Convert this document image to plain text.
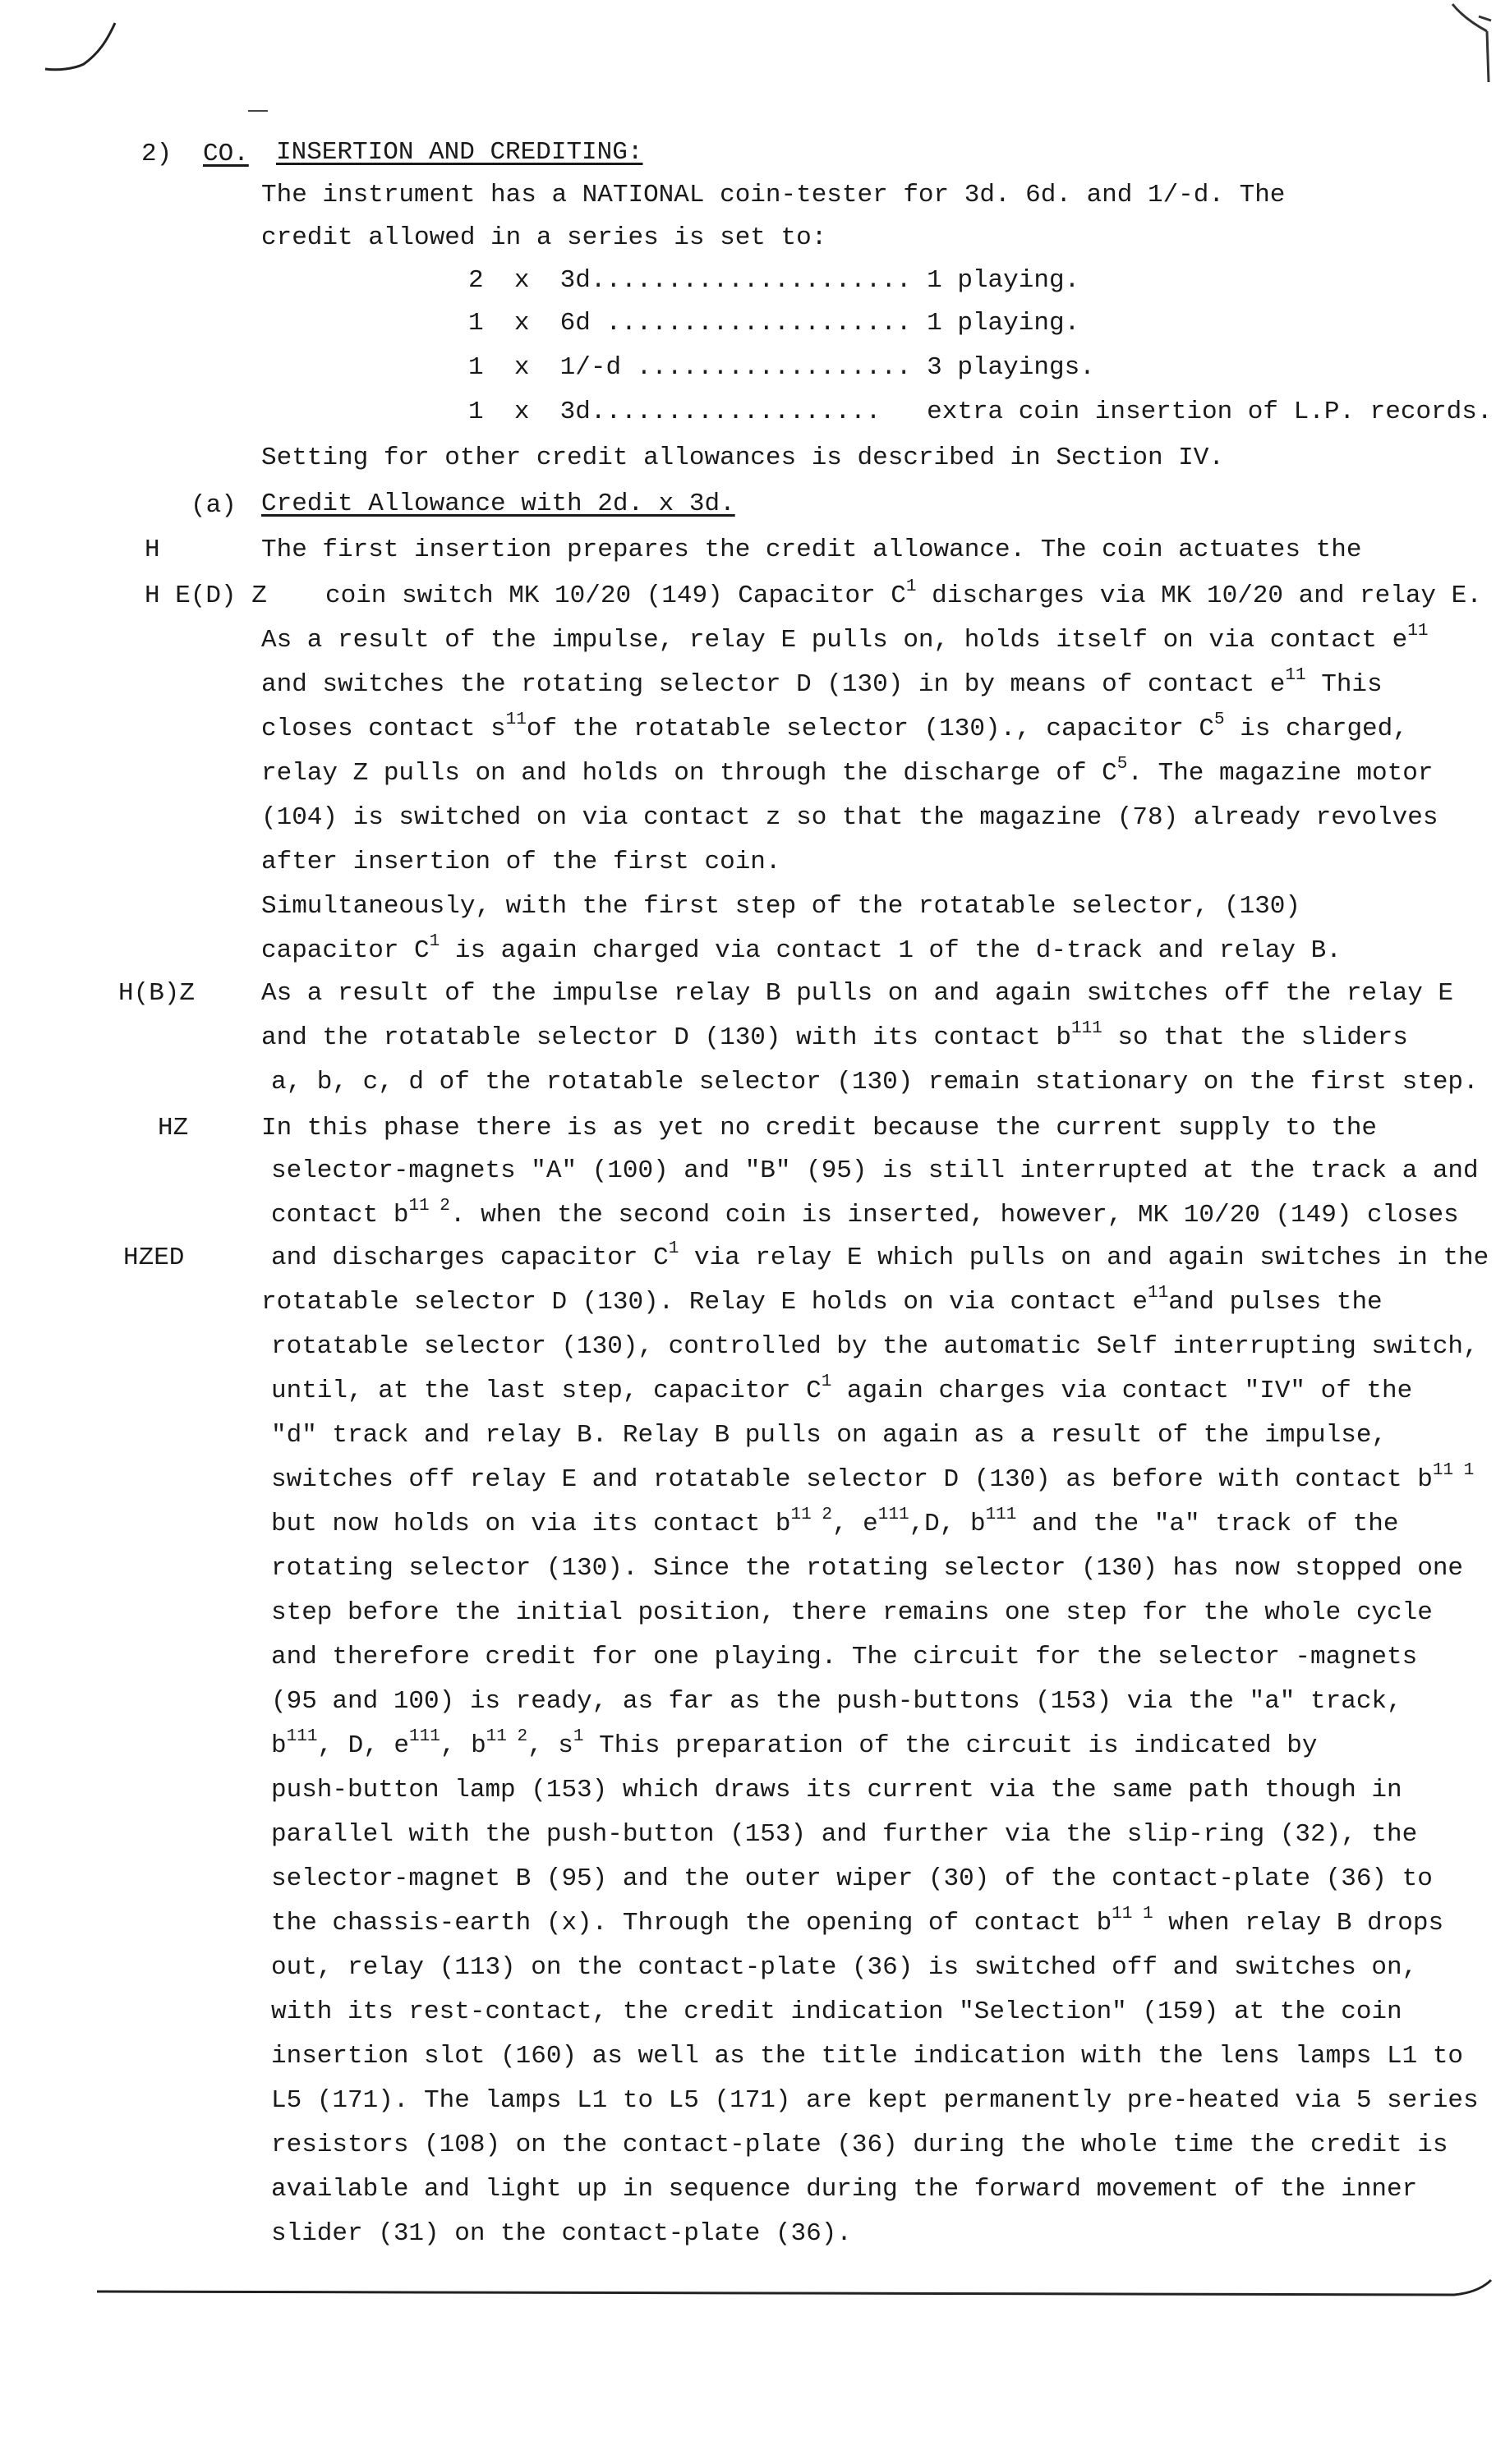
2) CO. INSERTION AND CREDITING:
The instrument has a NATIONAL coin-tester for 3d. 6d. and 1/-d. The
credit allowed in a series is set to:
2 x 3d..................... 1 playing.
1 x 6d .................... 1 playing.
1 x 1/-d .................. 3 playings.
1 x 3d................... extra coin insertion of L.P. records.
Setting for other credit allowances is described in Section IV.
(a) Credit Allowance with 2d. x 3d.
H
H E(D) Z
H(B)Z
HZ
HZED
The first insertion prepares the credit allowance. The coin actuates the
coin switch MK 10/20 (149) Capacitor $C^1$ discharges via MK 10/20 and relay E.
As a result of the impulse, relay E pulls on, holds itself on via contact $e^{11}$
and switches the rotating selector D (130) in by means of contact $e^{11}$ This
closes contact $s^{11}of$ the rotatable selector (130)., capacitor $C^5$ is charged,
relay Z pulls on and holds on through the discharge of $C^5$. The magazine motor
(104) is switched on via contact z so that the magazine (78) already revolves
after insertion of the first coin.
Simultaneously, with the first step of the rotatable selector, (130)
capacitor $C^1$ is again charged via contact 1 of the d-track and relay B.
As a result of the impulse relay B pulls on and again switches off the relay E
and the rotatable selector D (130) with its contact $b^{111}$ so that the sliders
a, b, c, d of the rotatable selector (130) remain stationary on the first step.
In this phase there is as yet no credit because the current supply to the
selector-magnets "A" (100) and "B" (95) is still interrupted at the track a and
contact $b^{11 2}$. when the second coin is inserted, however, MK 10/20 (149) closes
and discharges capacitor $C^1$ via relay E which pulls on and again switches in the
rotatable selector D (130). Relay E holds on via contact $e^{11}and$ pulses the
rotatable selector (130), controlled by the automatic Self interrupting switch,
until, at the last step, capacitor $C^1$ again charges via contact "IV" of the
"d" track and relay B. Relay B pulls on again as a result of the impulse,
switches off relay E and rotatable selector D (130) as before with contact $b^{11 1}$
but now holds on via its contact $b^{11 2}$, $e^{111},D$, $b^{111}$ and the "a" track of the
rotating selector (130). Since the rotating selector (130) has now stopped one
step before the initial position, there remains one step for the whole cycle
and therefore credit for one playing. The circuit for the selector -magnets
(95 and 100) is ready, as far as the push-buttons (153) via the "a" track,
$b^{111}$, D, $e^{111}$, $b^{11 2}$, $s^1$ This preparation of the circuit is indicated by
push-button lamp (153) which draws its current via the same path though in
parallel with the push-button (153) and further via the slip-ring (32), the
selector-magnet B (95) and the outer wiper (30) of the contact-plate (36) to
the chassis-earth (x). Through the opening of contact $b^{11 1}$ when relay B drops
out, relay (113) on the contact-plate (36) is switched off and switches on,
with its rest-contact, the credit indication "Selection" (159) at the coin
insertion slot (160) as well as the title indication with the lens lamps L1 to
L5 (171). The lamps L1 to L5 (171) are kept permanently pre-heated via 5 series
resistors (108) on the contact-plate (36) during the whole time the credit is
available and light up in sequence during the forward movement of the inner
slider (31) on the contact-plate (36).
